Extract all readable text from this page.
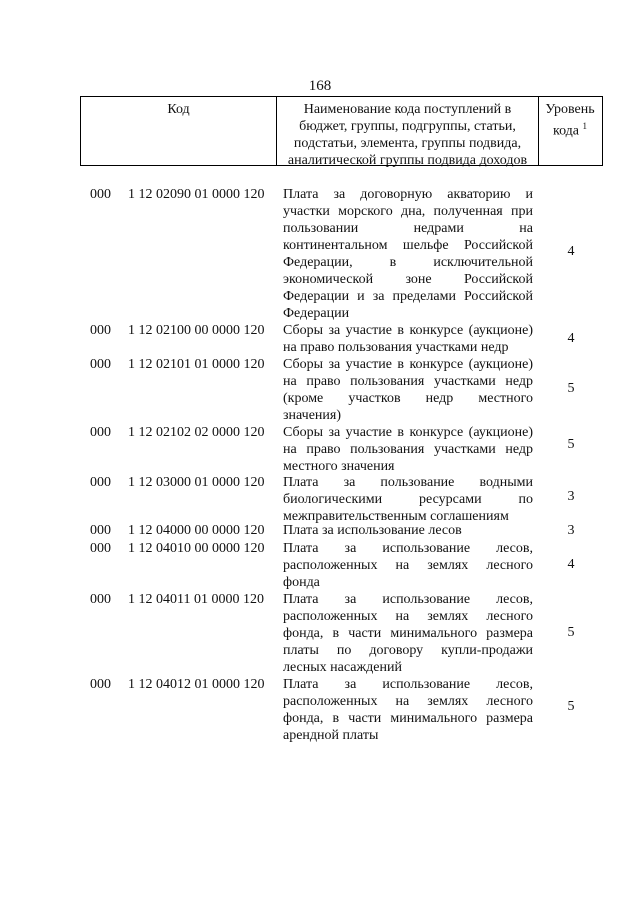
168
Код	Наименование кода поступлений в
бюджет, группы, подгруппы, статьи,
подстатьи, элемента, группы подвида,
аналитической группы подвида доходов
Уровень
кода $^1$
000	1 12 02090 01 0000 120	Плата за договорную акваторию и
участки морского дна, полученная при
пользовании недрами на
континентальном шельфе Российской
Федерации, в исключительной
экономической зоне Российской
Федерации и за пределами Российской
Федерации
4
000	1 12 02100 00 0000 120	Сборы за участие в конкурсе (аукционе)
на право пользования участками недр
4
000	1 12 02101 01 0000 120	Сборы за участие в конкурсе (аукционе)
на право пользования участками недр
(кроме участков недр местного
значения)
5
000	1 12 02102 02 0000 120	Сборы за участие в конкурсе (аукционе)
на право пользования участками недр
местного значения
5
000	1 12 03000 01 0000 120	Плата за пользование водными
биологическими ресурсами по
межправительственным соглашениям
3
000	1 12 04000 00 0000 120	Плата за использование лесов	3
000	1 12 04010 00 0000 120	Плата за использование лесов,
расположенных на землях лесного
фонда
4
000	1 12 04011 01 0000 120	Плата за использование лесов,
расположенных на землях лесного
фонда, в части минимального размера
платы по договору купли-продажи
лесных насаждений
5
000	1 12 04012 01 0000 120	Плата за использование лесов,
расположенных на землях лесного
фонда, в части минимального размера
арендной платы
5
